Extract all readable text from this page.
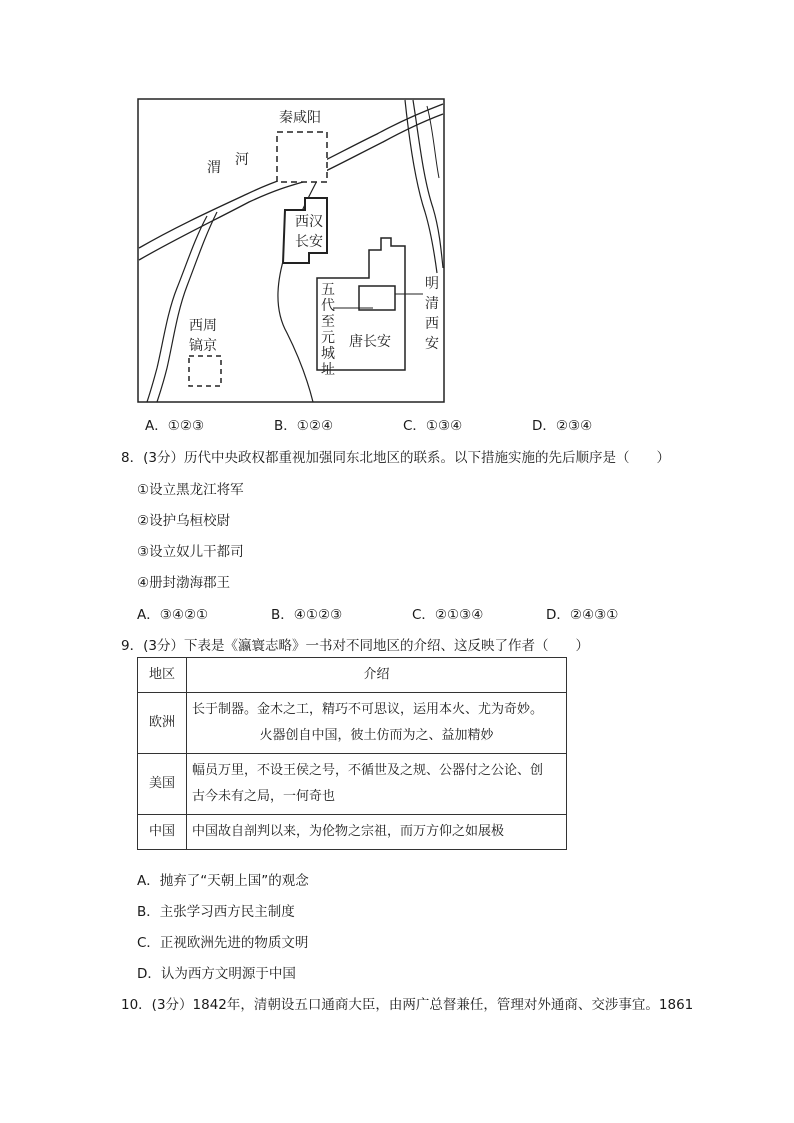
秦咸阳
渭 河
西汉
长安
西周
镐京
明
清
西
安
五
代
至
元
城
址
唐长安
A．①②③	B．①②④	C．①③④	D．②③④
8．(3分）历代中央政权都重视加强同东北地区的联系。以下措施实施的先后顺序是（　　）
①设立黑龙江将军
②设护乌桓校尉
③设立奴儿干都司
④册封渤海郡王
A．③④②①	B．④①②③	C．②①③④	D．②④③①
9．(3分）下表是《瀛寰志略》一书对不同地区的介绍、这反映了作者（　　）
地区	介绍
欧洲	长于制器。金木之工，精巧不可思议，运用本火、尤为奇妙。
火器创自中国，彼土仿而为之、益加精妙

美国	幅员万里，不设王侯之号，不循世及之规、公器付之公论、创
古今未有之局，一何奇也

中国	中国故自剖判以来，为伦物之宗祖，而万方仰之如展极
A．抛弃了“天朝上国”的观念
B．主张学习西方民主制度
C．正视欧洲先进的物质文明
D．认为西方文明源于中国
10．(3分）1842年，清朝设五口通商大臣，由两广总督兼任，管理对外通商、交涉事宜。1861
